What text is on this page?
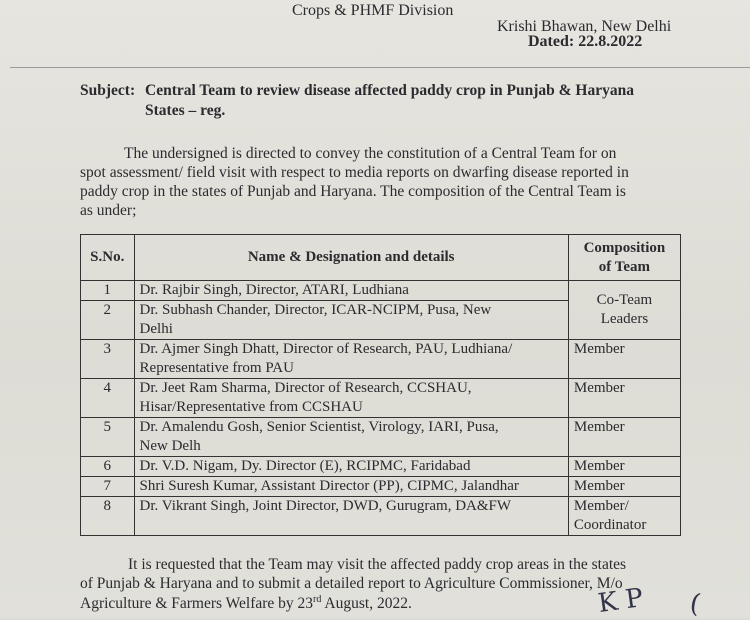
Crops & PHMF Division
Krishi Bhawan, New Delhi
Dated: 22.8.2022
Subject: Central Team to review disease affected paddy crop in Punjab & Haryana
States – reg.
The undersigned is directed to convey the constitution of a Central Team for on
spot assessment/ field visit with respect to media reports on dwarfing disease reported in
paddy crop in the states of Punjab and Haryana. The composition of the Central Team is
as under;
S.No.	Name & Designation and details	Composition
of Team

1	Dr. Rajbir Singh, Director, ATARI, Ludhiana	Co-Team
Leaders

2	Dr. Subhash Chander, Director, ICAR-NCIPM, Pusa, New
Delhi	

3	Dr. Ajmer Singh Dhatt, Director of Research, PAU, Ludhiana/
Representative from PAU	Member
4	Dr. Jeet Ram Sharma, Director of Research, CCSHAU,
Hisar/Representative from CCSHAU	Member
5	Dr. Amalendu Gosh, Senior Scientist, Virology, IARI, Pusa,
New Delh	Member
6	Dr. V.D. Nigam, Dy. Director (E), RCIPMC, Faridabad	Member
7	Shri Suresh Kumar, Assistant Director (PP), CIPMC, Jalandhar	Member
8	Dr. Vikrant Singh, Joint Director, DWD, Gurugram, DA&FW	Member/
Coordinator
It is requested that the Team may visit the affected paddy crop areas in the states
of Punjab & Haryana and to submit a detailed report to Agriculture Commissioner, M/o
Agriculture & Farmers Welfare by 23rd August, 2022.	K P (
